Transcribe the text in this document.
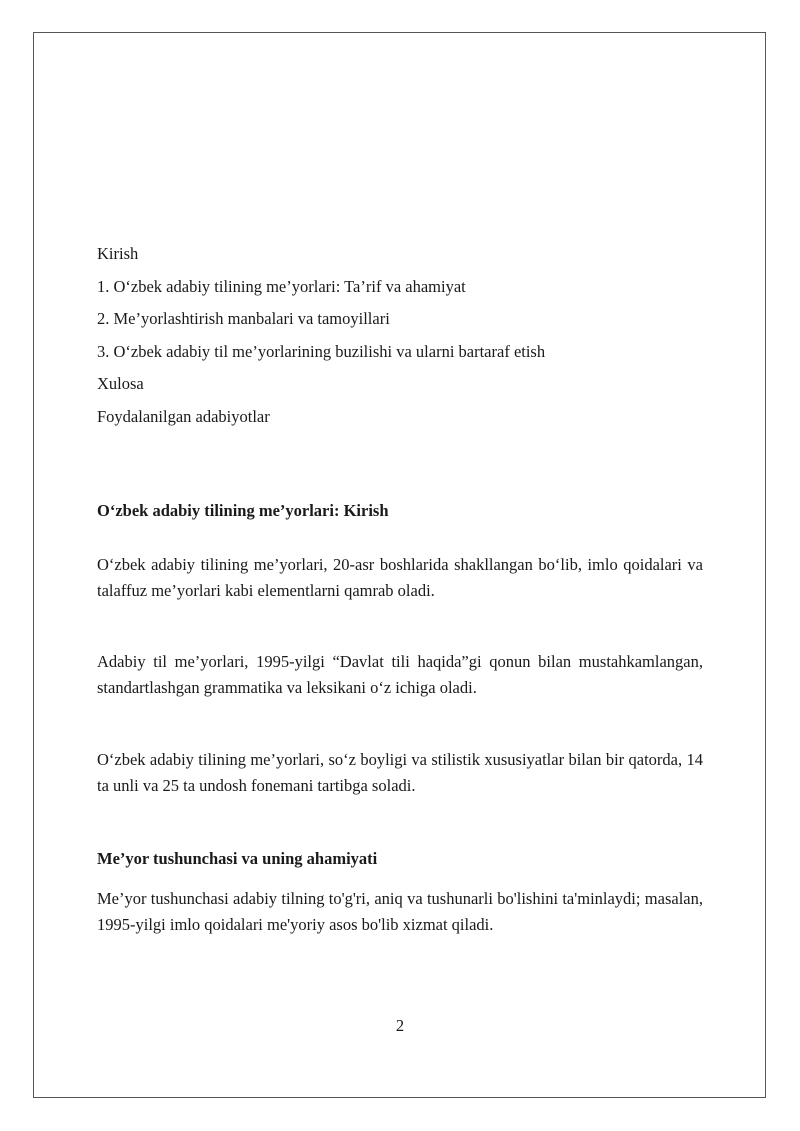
Kirish
1. O‘zbek adabiy tilining me’yorlari: Ta’rif va ahamiyat
2. Me’yorlashtirish manbalari va tamoyillari
3. O‘zbek adabiy til me’yorlarining buzilishi va ularni bartaraf etish
Xulosa
Foydalanilgan adabiyotlar
O‘zbek adabiy tilining me’yorlari: Kirish

O‘zbek adabiy tilining me’yorlari, 20-asr boshlarida shakllangan bo‘lib, imlo qoidalari va talaffuz me’yorlari kabi elementlarni qamrab oladi.

Adabiy til me’yorlari, 1995-yilgi “Davlat tili haqida”gi qonun bilan mustahkamlangan, standartlashgan grammatika va leksikani o‘z ichiga oladi.

O‘zbek adabiy tilining me’yorlari, so‘z boyligi va stilistik xususiyatlar bilan bir qatorda, 14 ta unli va 25 ta undosh fonemani tartibga soladi.

Me’yor tushunchasi va uning ahamiyati

Me’yor tushunchasi adabiy tilning to'g'ri, aniq va tushunarli bo'lishini ta'minlaydi; masalan, 1995-yilgi imlo qoidalari me'yoriy asos bo'lib xizmat qiladi.

2
